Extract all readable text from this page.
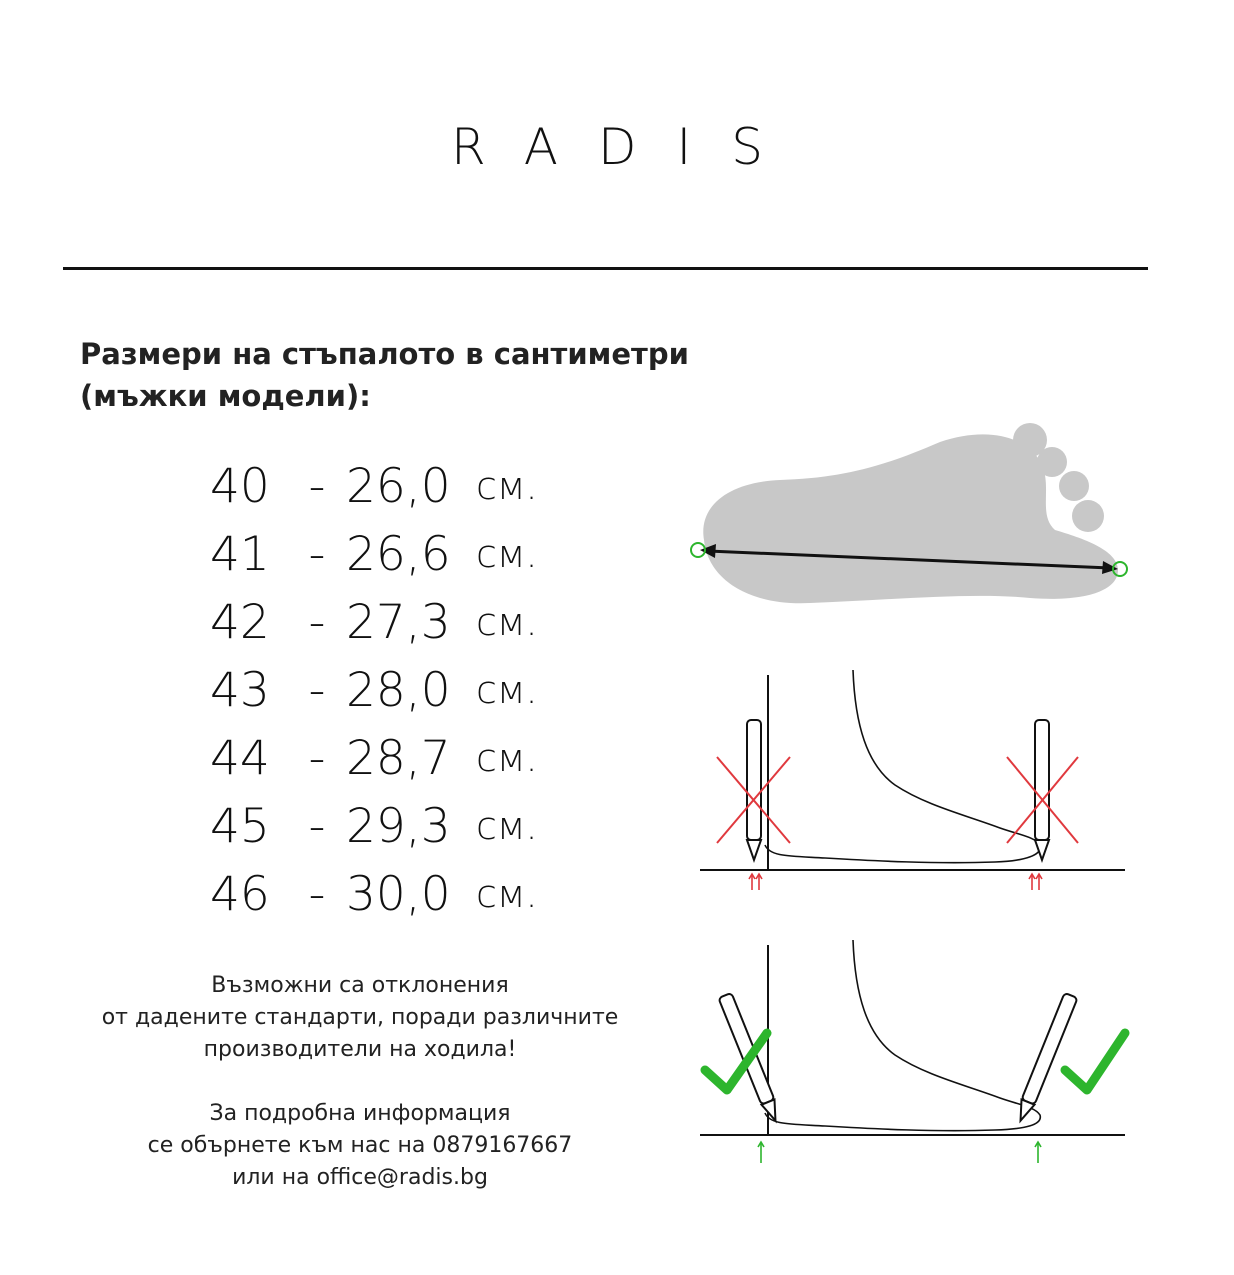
RADIS
Размери на стъпалото в сантиметри
(мъжки модели):
40 - 26,0 см.
41 - 26,6 см.
42 - 27,3 см.
43 - 28,0 см.
44 - 28,7 см.
45 - 29,3 см.
46 - 30,0 см.

Възможни са отклонения

от дадените стандарти, поради различните

производители на ходила!

За подробна информация

се обърнете към нас на 0879167667

или на office@radis.bg
